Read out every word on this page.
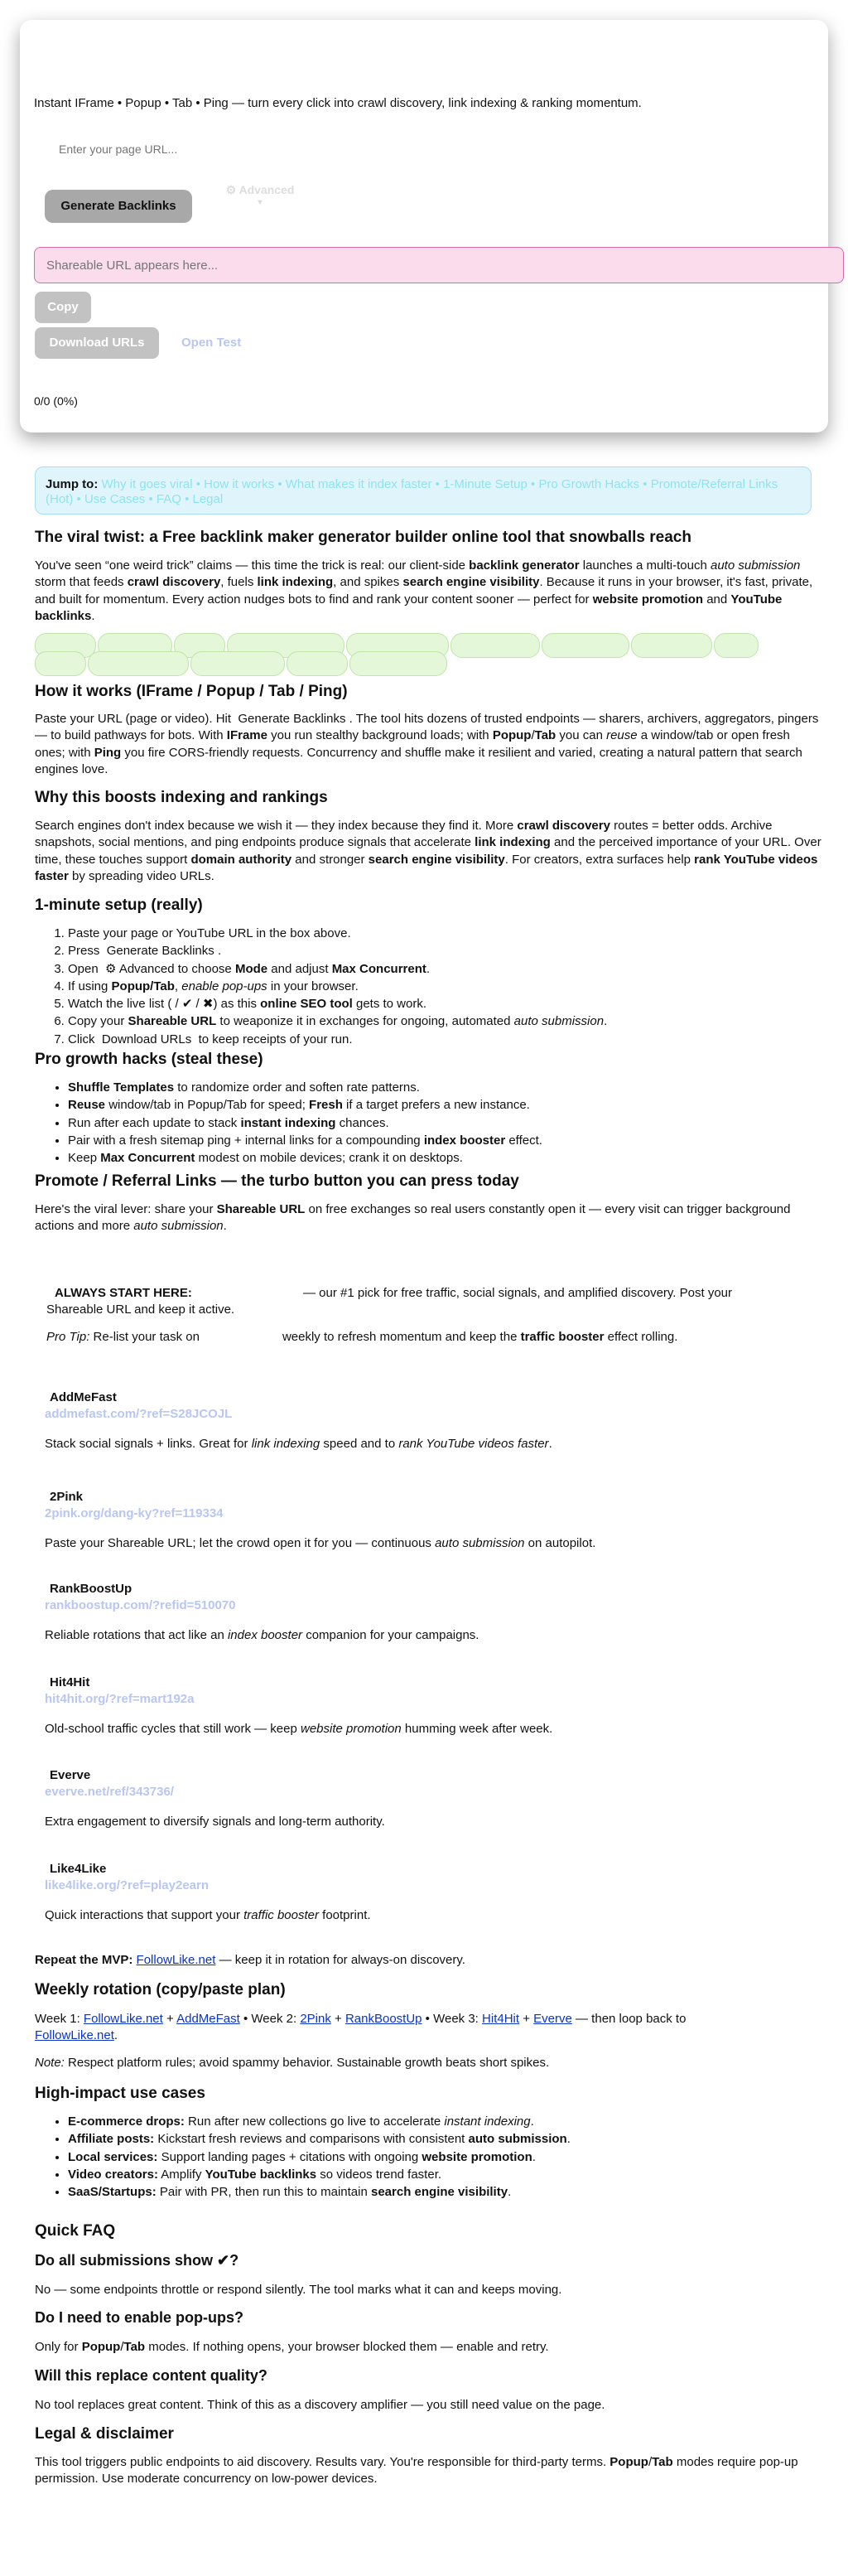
Instant IFrame • Popup • Tab • Ping — turn every click into crawl discovery, link indexing & ranking momentum.
Enter your page URL...
Generate Backlinks
⚙ Advanced
▾
Shareable URL appears here...
Copy
Download URLs	Open Test
0/0 (0%)
Jump to: Why it goes viral • How it works • What makes it index faster • 1-Minute Setup • Pro Growth Hacks • Promote/Referral Links (Hot) • Use Cases • FAQ • Legal
The viral twist: a Free backlink maker generator builder online tool that snowballs reach

You've seen “one weird trick” claims — this time the trick is real: our client-side backlink generator launches a multi-touch auto submission storm that feeds crawl discovery, fuels link indexing, and spikes search engine visibility. Because it runs in your browser, it's fast, private, and built for momentum. Every action nudges bots to find and rank your content sooner — perfect for website promotion and YouTube backlinks.

How it works (IFrame / Popup / Tab / Ping)

Paste your URL (page or video). Hit  Generate Backlinks . The tool hits dozens of trusted endpoints — sharers, archivers, aggregators, pingers — to build pathways for bots. With IFrame you run stealthy background loads; with Popup/Tab you can reuse a window/tab or open fresh ones; with Ping you fire CORS-friendly requests. Concurrency and shuffle make it resilient and varied, creating a natural pattern that search engines love.

Why this boosts indexing and rankings

Search engines don't index because we wish it — they index because they find it. More crawl discovery routes = better odds. Archive snapshots, social mentions, and ping endpoints produce signals that accelerate link indexing and the perceived importance of your URL. Over time, these touches support domain authority and stronger search engine visibility. For creators, extra surfaces help rank YouTube videos faster by spreading video URLs.

1-minute setup (really)
1. Paste your page or YouTube URL in the box above.
2. Press  Generate Backlinks .
3. Open  ⚙ Advanced to choose Mode and adjust Max Concurrent.
4. If using Popup/Tab, enable pop-ups in your browser.
5. Watch the live list ( / ✔ / ✖) as this online SEO tool gets to work.
6. Copy your Shareable URL to weaponize it in exchanges for ongoing, automated auto submission.
7. Click  Download URLs  to keep receipts of your run.
Pro growth hacks (steal these)
• Shuffle Templates to randomize order and soften rate patterns.
• Reuse window/tab in Popup/Tab for speed; Fresh if a target prefers a new instance.
• Run after each update to stack instant indexing chances.
• Pair with a fresh sitemap ping + internal links for a compounding index booster effect.
• Keep Max Concurrent modest on mobile devices; crank it on desktops.
Promote / Referral Links — the turbo button you can press today

Here's the viral lever: share your Shareable URL on free exchanges so real users constantly open it — every visit can trigger background actions and more auto submission.

ALWAYS START HERE:	— our #1 pick for free traffic, social signals, and amplified discovery. Post your Shareable URL and keep it active.
Pro Tip: Re-list your task on	weekly to refresh momentum and keep the traffic booster effect rolling.
AddMeFast
addmefast.com/?ref=S28JCOJL
Stack social signals + links. Great for link indexing speed and to rank YouTube videos faster.
2Pink
2pink.org/dang-ky?ref=119334
Paste your Shareable URL; let the crowd open it for you — continuous auto submission on autopilot.
RankBoostUp
rankboostup.com/?refid=510070
Reliable rotations that act like an index booster companion for your campaigns.
Hit4Hit
hit4hit.org/?ref=mart192a
Old-school traffic cycles that still work — keep website promotion humming week after week.
Everve
everve.net/ref/343736/
Extra engagement to diversify signals and long-term authority.
Like4Like
like4like.org/?ref=play2earn
Quick interactions that support your traffic booster footprint.
Repeat the MVP: FollowLike.net — keep it in rotation for always-on discovery.
Weekly rotation (copy/paste plan)

Week 1: FollowLike.net + AddMeFast • Week 2: 2Pink + RankBoostUp • Week 3: Hit4Hit + Everve — then loop back to FollowLike.net.

Note: Respect platform rules; avoid spammy behavior. Sustainable growth beats short spikes.

High-impact use cases
• E-commerce drops: Run after new collections go live to accelerate instant indexing.
• Affiliate posts: Kickstart fresh reviews and comparisons with consistent auto submission.
• Local services: Support landing pages + citations with ongoing website promotion.
• Video creators: Amplify YouTube backlinks so videos trend faster.
• SaaS/Startups: Pair with PR, then run this to maintain search engine visibility.
Quick FAQ
Do all submissions show ✔?

No — some endpoints throttle or respond silently. The tool marks what it can and keeps moving.

Do I need to enable pop-ups?

Only for Popup/Tab modes. If nothing opens, your browser blocked them — enable and retry.

Will this replace content quality?

No tool replaces great content. Think of this as a discovery amplifier — you still need value on the page.

Legal & disclaimer

This tool triggers public endpoints to aid discovery. Results vary. You're responsible for third-party terms. Popup/Tab modes require pop-up permission. Use moderate concurrency on low-power devices.
